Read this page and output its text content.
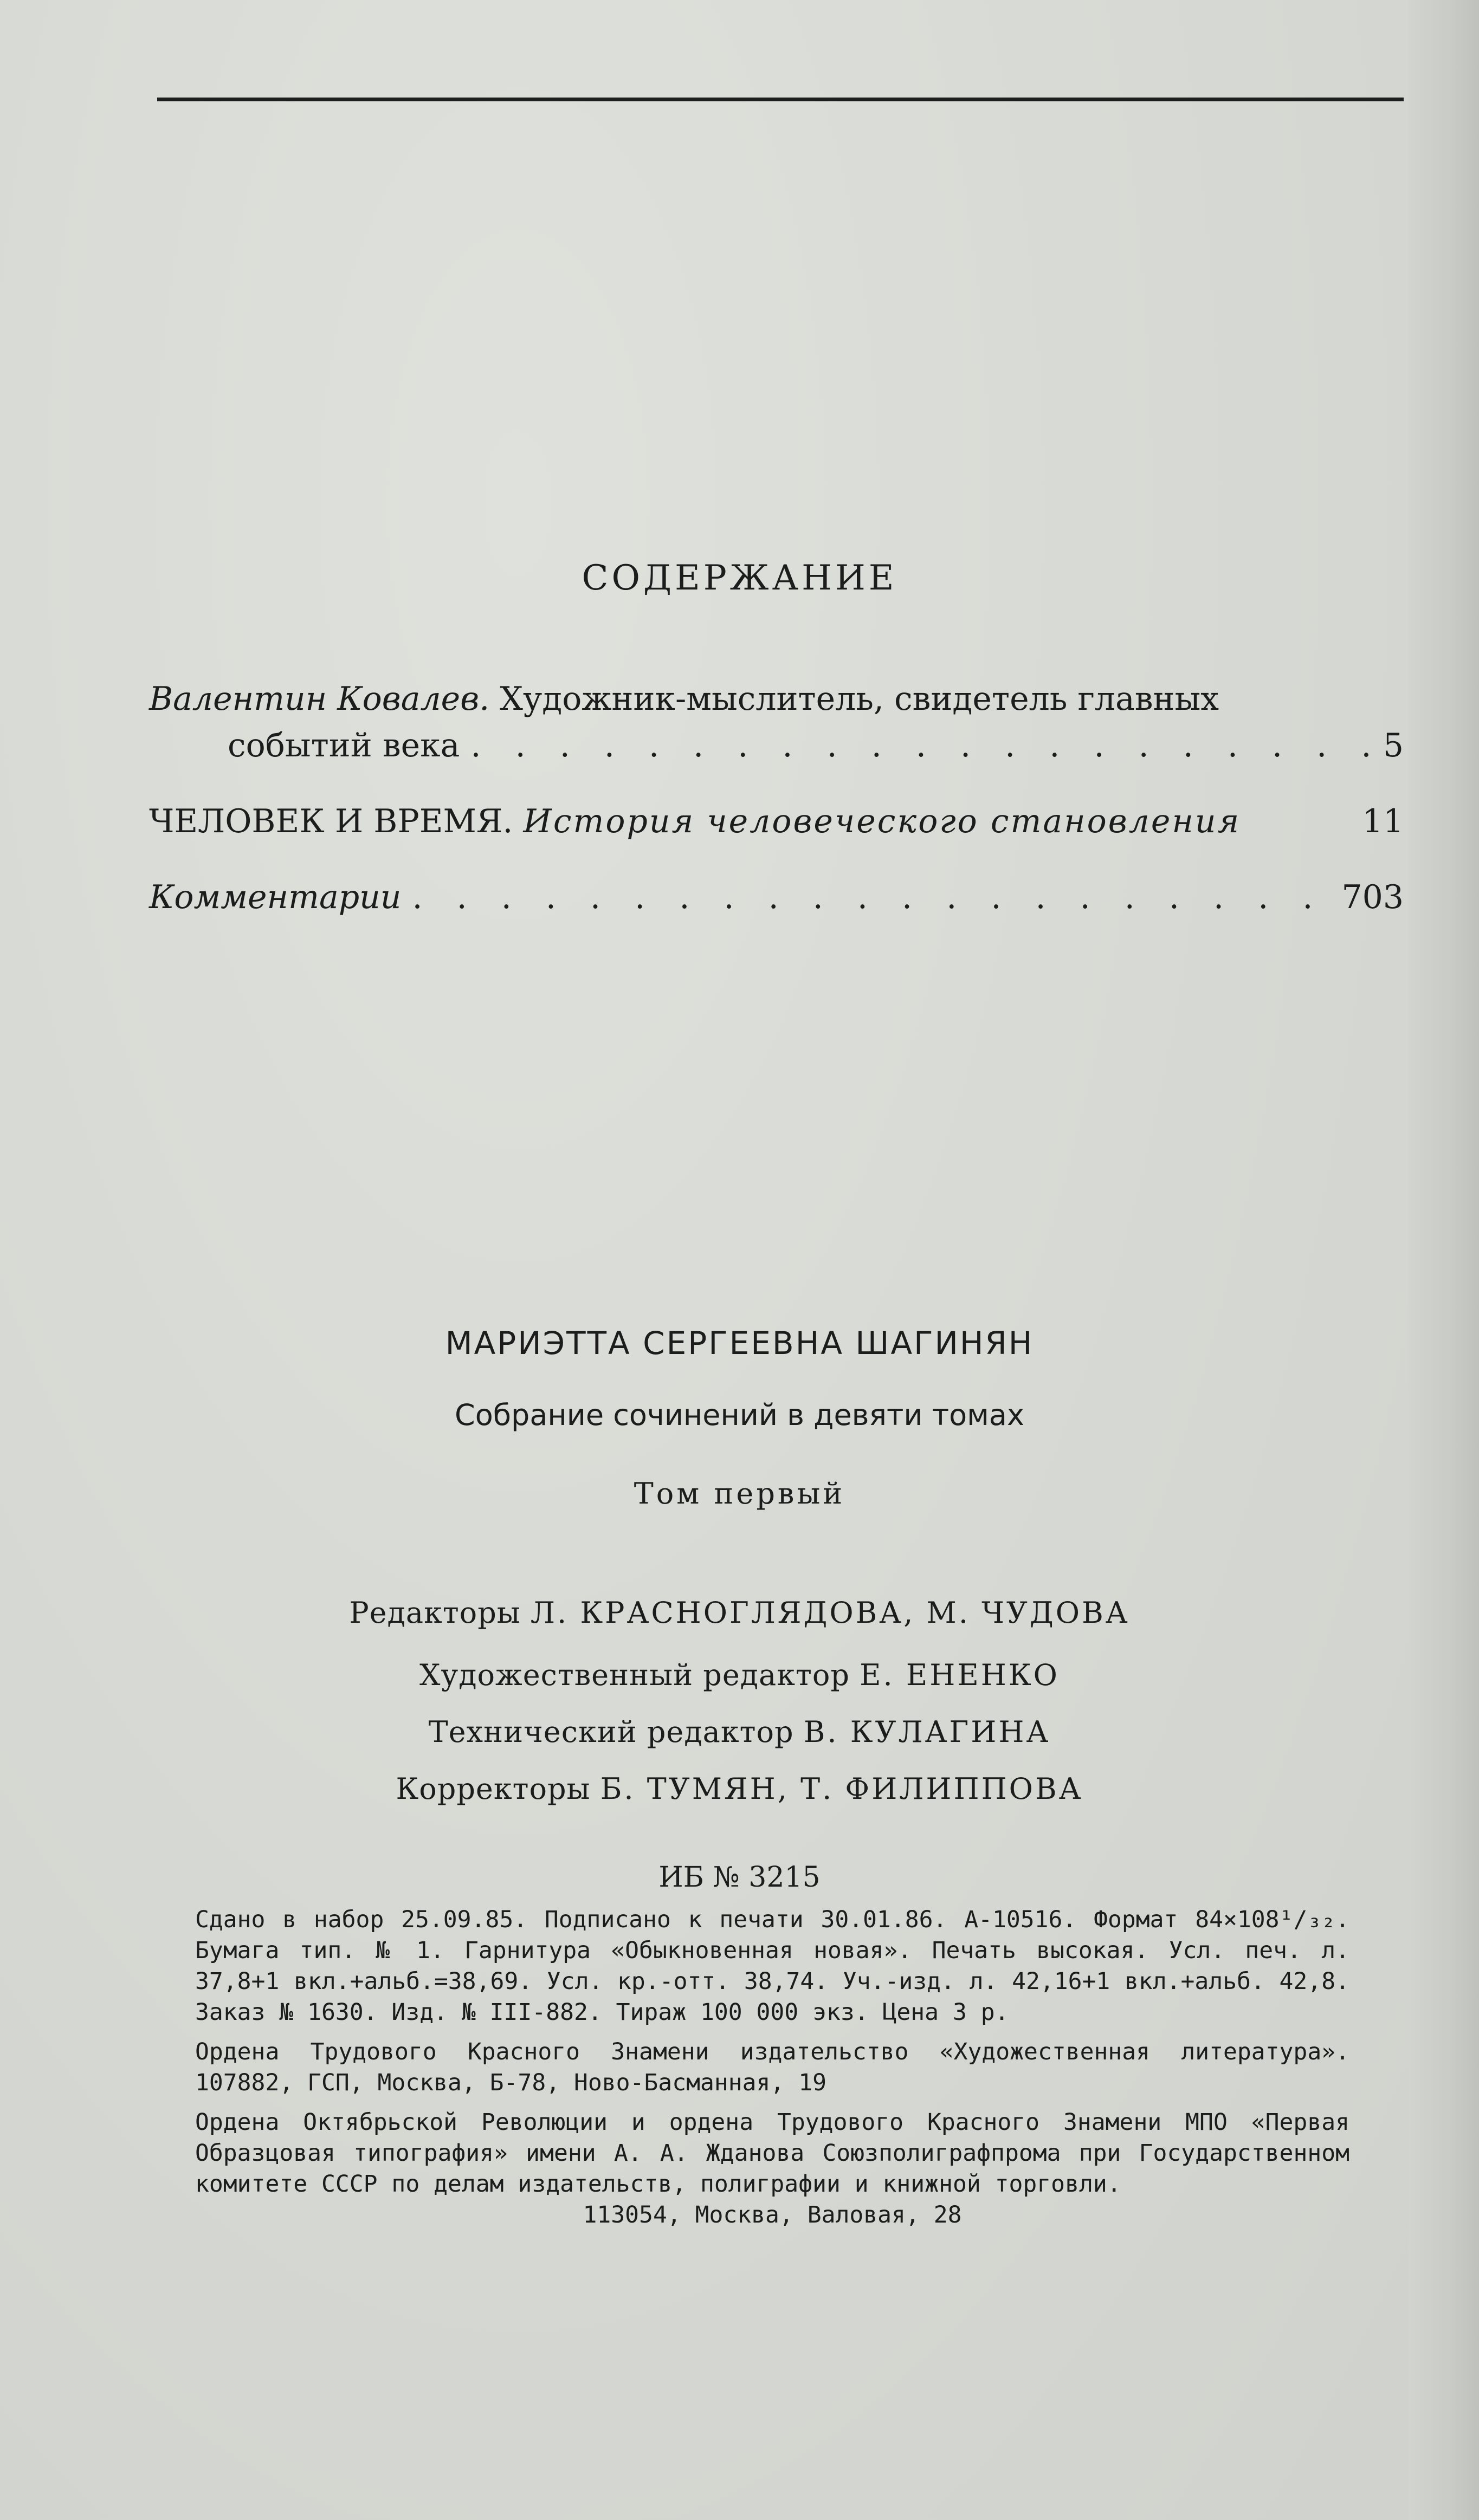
СОДЕРЖАНИЕ
Валентин Ковалев. Художник-мыслитель, свидетель главных
событий века . . .	5
ЧЕЛОВЕК И ВРЕМЯ. История человеческого становления	11
Комментарии . . .	703
МАРИЭТТА СЕРГЕЕВНА ШАГИНЯН
Собрание сочинений в девяти томах
Том первый
Редакторы Л. КРАСНОГЛЯДОВА, М. ЧУДОВА
Художественный редактор Е. ЕНЕНКО
Технический редактор В. КУЛАГИНА
Корректоры Б. ТУМЯН, Т. ФИЛИППОВА
ИБ № 3215

Сдано в набор 25.09.85. Подписано к печати 30.01.86. А-10516. Формат 84×108¹/₃₂. Бумага тип. № 1. Гарнитура «Обыкновенная новая». Печать высокая. Усл. печ. л. 37,8+1 вкл.+альб.=38,69. Усл. кр.-отт. 38,74. Уч.-изд. л. 42,16+1 вкл.+альб. 42,8. Заказ № 1630. Изд. № III-882. Тираж 100 000 экз. Цена 3 р.

Ордена Трудового Красного Знамени издательство «Художественная литература». 107882, ГСП, Москва, Б-78, Ново-Басманная, 19

Ордена Октябрьской Революции и ордена Трудового Красного Знамени МПО «Первая Образцовая типография» имени А. А. Жданова Союзполиграфпрома при Государственном комитете СССР по делам издательств, полиграфии и книжной торговли.

113054, Москва, Валовая, 28
